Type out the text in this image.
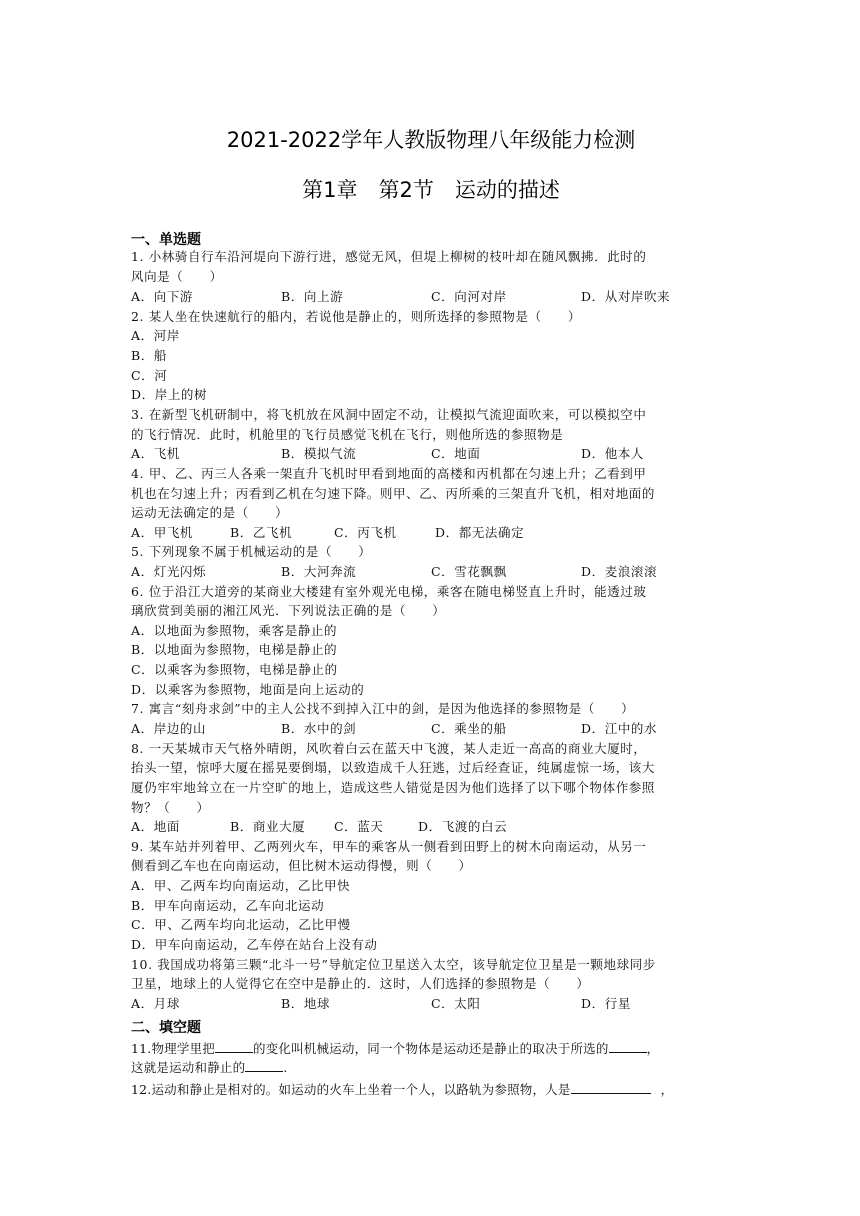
2021-2022学年人教版物理八年级能力检测
第1章　第2节　运动的描述
一、单选题
1. 小林骑自行车沿河堤向下游行进，感觉无风，但堤上柳树的枝叶却在随风飘拂．此时的
风向是（　　）
A．向下游	B．向上游	C．向河对岸	D．从对岸吹来
2. 某人坐在快速航行的船内，若说他是静止的，则所选择的参照物是（　　）
A．河岸
B．船
C．河
D．岸上的树
3. 在新型飞机研制中，将飞机放在风洞中固定不动，让模拟气流迎面吹来，可以模拟空中
的飞行情况．此时，机舱里的飞行员感觉飞机在飞行，则他所选的参照物是
A．飞机	B．模拟气流	C．地面	D．他本人
4. 甲、乙、丙三人各乘一架直升飞机时甲看到地面的高楼和丙机都在匀速上升；乙看到甲
机也在匀速上升；丙看到乙机在匀速下降。则甲、乙、丙所乘的三架直升飞机，相对地面的
运动无法确定的是（　　）
A．甲飞机	B．乙飞机	C．丙飞机	D．都无法确定
5. 下列现象不属于机械运动的是（　　）
A．灯光闪烁	B．大河奔流	C．雪花飘飘	D．麦浪滚滚
6. 位于沿江大道旁的某商业大楼建有室外观光电梯，乘客在随电梯竖直上升时，能透过玻
璃欣赏到美丽的湘江风光．下列说法正确的是（　　）
A．以地面为参照物，乘客是静止的
B．以地面为参照物，电梯是静止的
C．以乘客为参照物，电梯是静止的
D．以乘客为参照物，地面是向上运动的
7. 寓言“刻舟求剑”中的主人公找不到掉入江中的剑，是因为他选择的参照物是（　　）
A．岸边的山	B．水中的剑	C．乘坐的船	D．江中的水
8. 一天某城市天气格外晴朗，风吹着白云在蓝天中飞渡，某人走近一高高的商业大厦时，
抬头一望，惊呼大厦在摇晃要倒塌，以致造成千人狂逃，过后经查证，纯属虚惊一场，该大
厦仍牢牢地耸立在一片空旷的地上，造成这些人错觉是因为他们选择了以下哪个物体作参照
物？（　　）
A．地面	B．商业大厦 C．蓝天	D．飞渡的白云
9. 某车站并列着甲、乙两列火车，甲车的乘客从一侧看到田野上的树木向南运动，从另一
侧看到乙车也在向南运动，但比树木运动得慢，则（　　）
A．甲、乙两车均向南运动，乙比甲快
B．甲车向南运动，乙车向北运动
C．甲、乙两车均向北运动，乙比甲慢
D．甲车向南运动，乙车停在站台上没有动
10. 我国成功将第三颗“北斗一号”导航定位卫星送入太空，该导航定位卫星是一颗地球同步
卫星，地球上的人觉得它在空中是静止的．这时，人们选择的参照物是（　　）
A．月球	B．地球	C．太阳	D．行星
二、填空题
11.物理学里把	的变化叫机械运动，同一个物体是运动还是静止的取决于所选的	，
这就是运动和静止的	.
12.运动和静止是相对的。如运动的火车上坐着一个人，以路轨为参照物，人是	，
